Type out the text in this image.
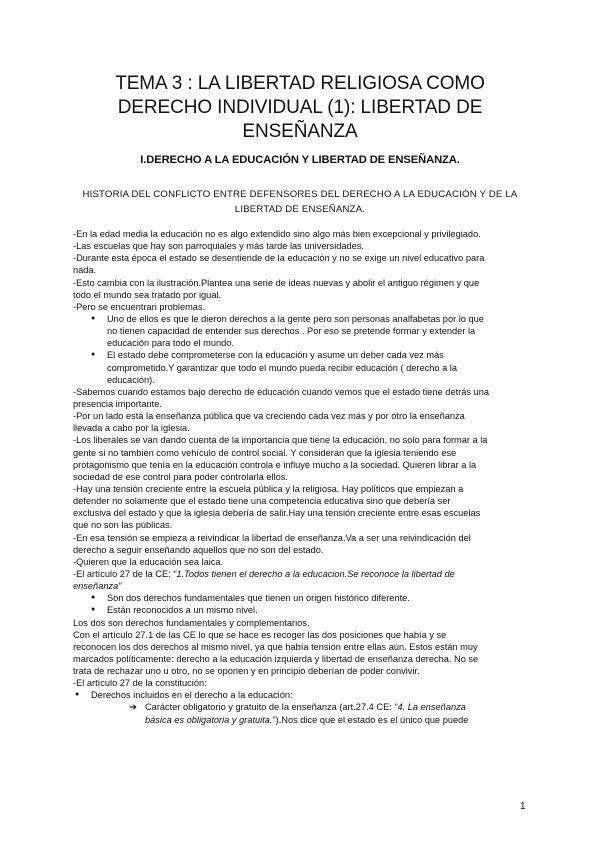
TEMA 3 : LA LIBERTAD RELIGIOSA COMO
DERECHO INDIVIDUAL (1): LIBERTAD DE
ENSEÑANZA
I.DERECHO A LA EDUCACIÓN Y LIBERTAD DE ENSEÑANZA.
HISTORIA DEL CONFLICTO ENTRE DEFENSORES DEL DERECHO A LA EDUCACIÓN Y DE LA
LIBERTAD DE ENSEÑANZA.
-En la edad media la educación no es algo extendido sino algo más bien excepcional y privilegiado.
-Las escuelas que hay son parroquiales y más tarde las universidades.
-Durante esta época el estado se desentiende de la educación y no se exige un nivel educativo para
nada.
-Esto cambia con la ilustración.Plantea una serie de ideas nuevas y abolir el antiguo régimen y que
todo el mundo sea tratado por igual.
-Pero se encuentran problemas.
● Uno de ellos es que le dieron derechos a la gente pero son personas analfabetas por lo que
no tienen capacidad de entender sus derechos . Por eso se pretende formar y extender la
educación para todo el mundo.
● El estado debe comprometerse con la educación y asume un deber cada vez más
comprometido.Y garantizar que todo el mundo pueda recibir educación ( derecho a la
educación).
-Sabemos cuando estamos bajo derecho de educación cuando vemos que el estado tiene detrás una
presencia importante.
-Por un lado está la enseñanza pública que va creciendo cada vez más y por otro la enseñanza
llevada a cabo por la iglesia.
-Los liberales se van dando cuenta de la importancia que tiene la educación, no solo para formar a la
gente si no también como vehículo de control social. Y consideran que la iglesia teniendo ese
protagonismo que tenía en la educación controla e influye mucho a la sociedad. Quieren librar a la
sociedad de ese control para poder controlarla ellos.
-Hay una tensión creciente entre la escuela pública y la religiosa. Hay políticos que empiezan a
defender no solamente que el estado tiene una competencia educativa sino que debería ser
exclusiva del estado y que la iglesia debería de salir.Hay una tensión creciente entre esas escuelas
que no son las públicas.
-En esa tensión se empieza a reivindicar la libertad de enseñanza.Va a ser una reivindicación del
derecho a seguir enseñando aquellos que no son del estado.
-Quieren que la educación sea laica.
-El artículo 27 de la CE: “1.Todos tienen el derecho a la educacion.Se reconoce la libertad de
enseñanza”
● Son dos derechos fundamentales que tienen un origen histórico diferente.
● Están reconocidos a un mismo nivel.
Los dos son derechos fundamentales y complementarios.
Con el artículo 27.1 de las CE lo que se hace es recoger las dos posiciones que había y se
reconocen los dos derechos al mismo nivel, ya que había tensión entre ellas aún. Estos están muy
marcados políticamente: derecho a la educación izquierda y libertad de enseñanza derecha. No se
trata de rechazar uno u otro, no se oponen y en principio deberían de poder convivir.
-El artículo 27 de la constitución:
● Derechos incluidos en el derecho a la educación:
➔ Carácter obligatorio y gratuito de la enseñanza (art.27.4 CE: “4. La enseñanza
básica es obligatoria y gratuita.”).Nos dice que el estado es el único que puede
1
